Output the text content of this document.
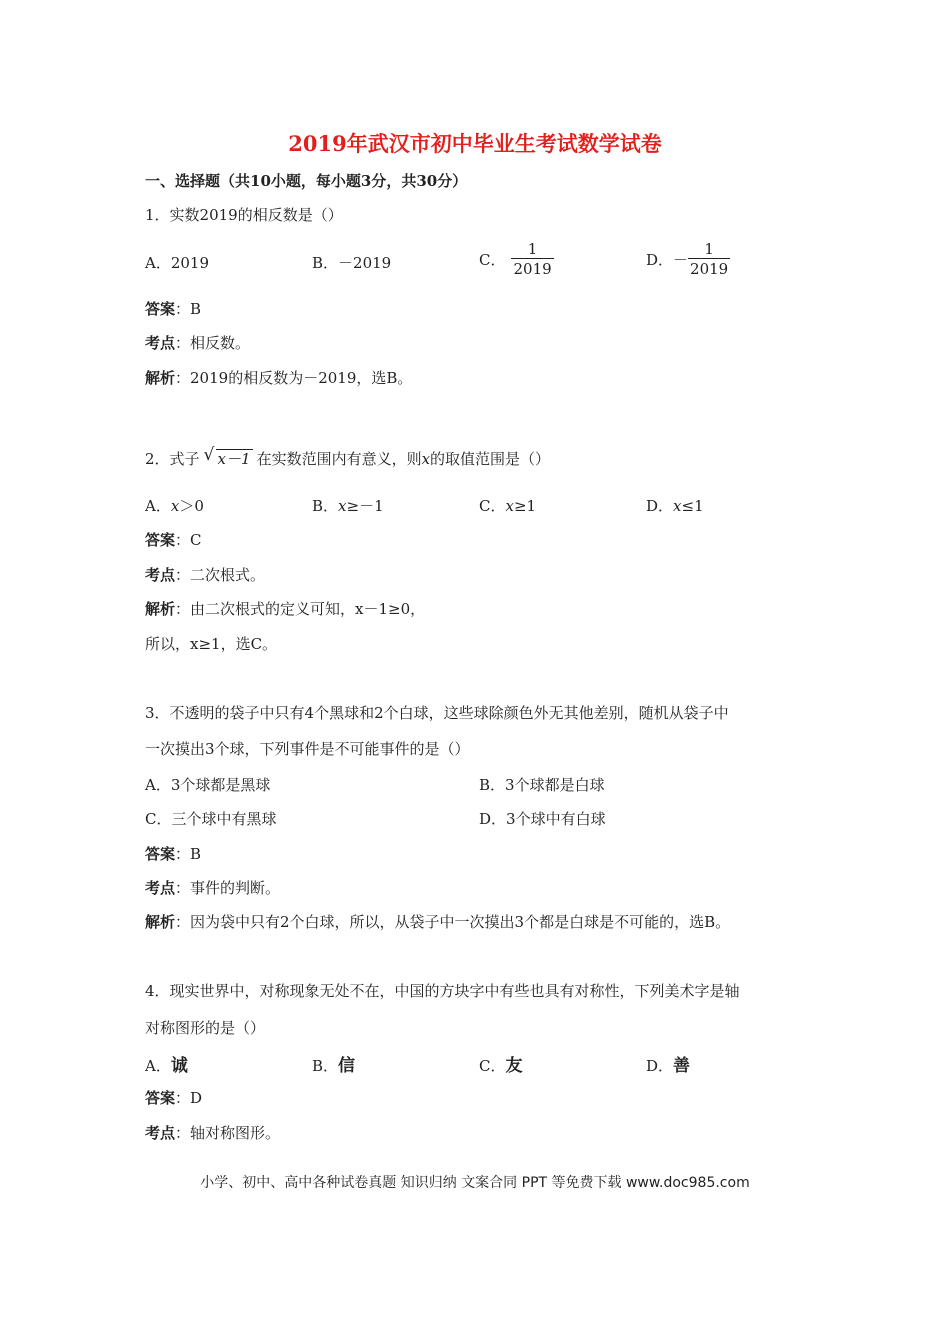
2019年武汉市初中毕业生考试数学试卷
一、选择题（共10小题，每小题3分，共30分）
1．实数2019的相反数是（）
A．2019	B．－2019	C． $\frac{1}{2019}$	D．－ $\frac{1}{2019}$
答案：B
考点：相反数。
解析：2019的相反数为－2019，选B。
2．式子 √ x－1 在实数范围内有意义，则x的取值范围是（）
A．x＞0	B．x≥－1	C．x≥1	D．x≤1
答案：C
考点：二次根式。
解析：由二次根式的定义可知，x－1≥0，
所以，x≥1，选C。
3．不透明的袋子中只有4个黑球和2个白球，这些球除颜色外无其他差别，随机从袋子中
一次摸出3个球，下列事件是不可能事件的是（）
A．3个球都是黑球	B．3个球都是白球
C．三个球中有黑球	D．3个球中有白球
答案：B
考点：事件的判断。
解析：因为袋中只有2个白球，所以，从袋子中一次摸出3个都是白球是不可能的，选B。
4．现实世界中，对称现象无处不在，中国的方块字中有些也具有对称性，下列美术字是轴
对称图形的是（）
A．诚	B．信	C．友	D．善
答案：D
考点：轴对称图形。
小学、初中、高中各种试卷真题 知识归纳 文案合同 PPT 等免费下载 www.doc985.com
